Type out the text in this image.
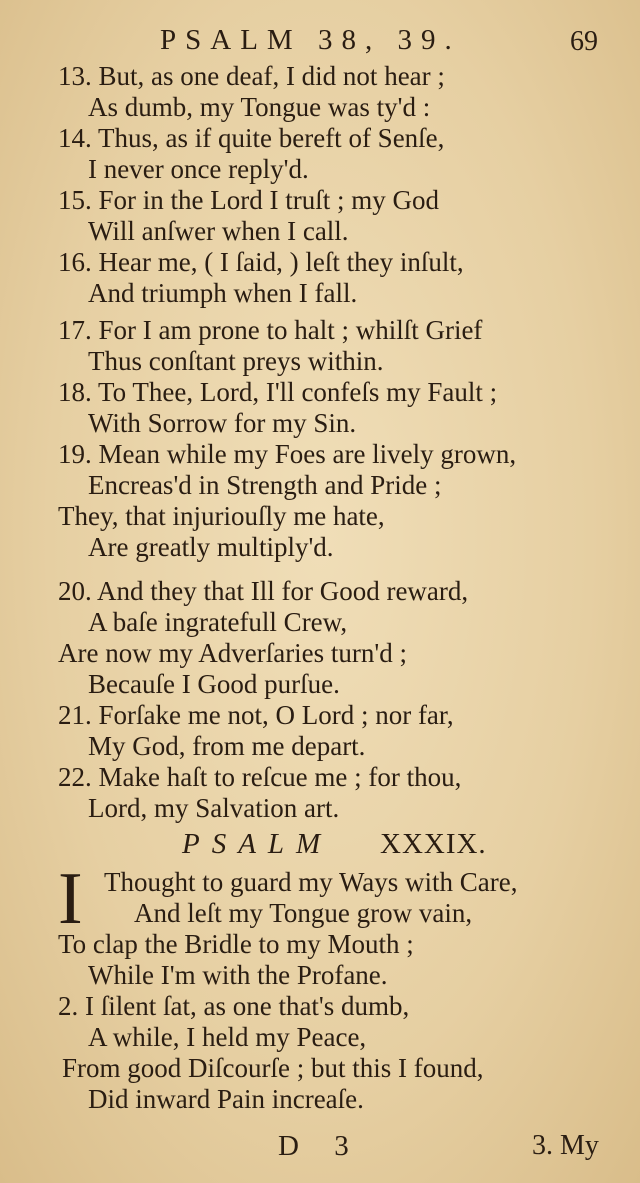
PSALM 38, 39.	69
13. But, as one deaf, I did not hear ;
As dumb, my Tongue was ty'd :
14. Thus, as if quite bereft of Senſe,
I never once reply'd.
15. For in the Lord I truſt ; my God
Will anſwer when I call.
16. Hear me, ( I ſaid, ) leſt they inſult,
And triumph when I fall.
17. For I am prone to halt ; whilſt Grief
Thus conſtant preys within.
18. To Thee, Lord, I'll confeſs my Fault ;
With Sorrow for my Sin.
19. Mean while my Foes are lively grown,
Encreas'd in Strength and Pride ;
They, that injuriouſly me hate,
Are greatly multiply'd.
20. And they that Ill for Good reward,
A baſe ingratefull Crew,
Are now my Adverſaries turn'd ;
Becauſe I Good purſue.
21. Forſake me not, O Lord ; nor far,
My God, from me depart.
22. Make haſt to reſcue me ; for thou,
Lord, my Salvation art.
PSALM XXXIX.
I Thought to guard my Ways with Care,
And leſt my Tongue grow vain,
To clap the Bridle to my Mouth ;
While I'm with the Profane.
2. I ſilent ſat, as one that's dumb,
A while, I held my Peace,
From good Diſcourſe ; but this I found,
Did inward Pain increaſe.
D 3	3. My
